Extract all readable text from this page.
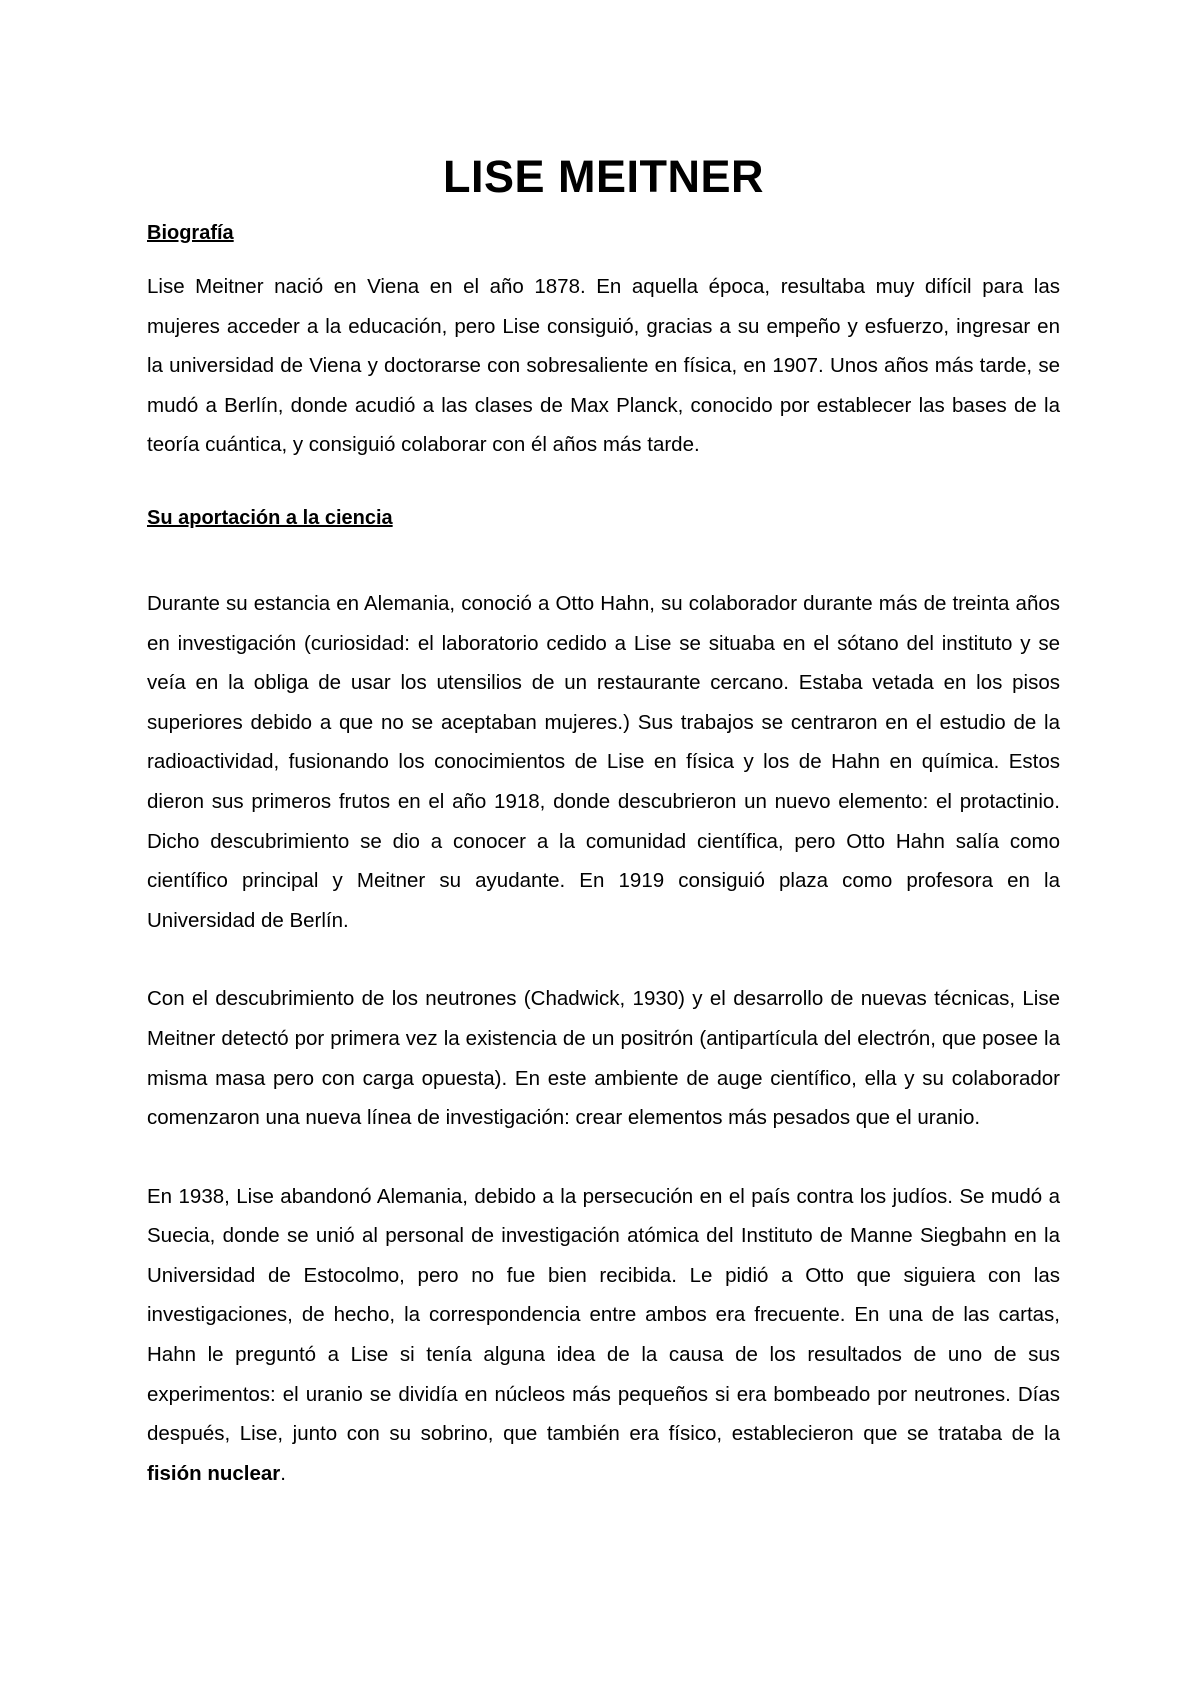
LISE MEITNER
Biografía

Lise Meitner nació en Viena en el año 1878. En aquella época, resultaba muy difícil para las mujeres acceder a la educación, pero Lise consiguió, gracias a su empeño y esfuerzo, ingresar en la universidad de Viena y doctorarse con sobresaliente en física, en 1907. Unos años más tarde, se mudó a Berlín, donde acudió a las clases de Max Planck, conocido por establecer las bases de la teoría cuántica, y consiguió colaborar con él años más tarde.

Su aportación a la ciencia

Durante su estancia en Alemania, conoció a Otto Hahn, su colaborador durante más de treinta años en investigación (curiosidad: el laboratorio cedido a Lise se situaba en el sótano del instituto y se veía en la obliga de usar los utensilios de un restaurante cercano. Estaba vetada en los pisos superiores debido a que no se aceptaban mujeres.) Sus trabajos se centraron en el estudio de la radioactividad, fusionando los conocimientos de Lise en física y los de Hahn en química. Estos dieron sus primeros frutos en el año 1918, donde descubrieron un nuevo elemento: el protactinio. Dicho descubrimiento se dio a conocer a la comunidad científica, pero Otto Hahn salía como científico principal y Meitner su ayudante. En 1919 consiguió plaza como profesora en la Universidad de Berlín.

Con el descubrimiento de los neutrones (Chadwick, 1930) y el desarrollo de nuevas técnicas, Lise Meitner detectó por primera vez la existencia de un positrón (antipartícula del electrón, que posee la misma masa pero con carga opuesta). En este ambiente de auge científico, ella y su colaborador comenzaron una nueva línea de investigación: crear elementos más pesados que el uranio.

En 1938, Lise abandonó Alemania, debido a la persecución en el país contra los judíos. Se mudó a Suecia, donde se unió al personal de investigación atómica del Instituto de Manne Siegbahn en la Universidad de Estocolmo, pero no fue bien recibida. Le pidió a Otto que siguiera con las investigaciones, de hecho, la correspondencia entre ambos era frecuente. En una de las cartas, Hahn le preguntó a Lise si tenía alguna idea de la causa de los resultados de uno de sus experimentos: el uranio se dividía en núcleos más pequeños si era bombeado por neutrones. Días después, Lise, junto con su sobrino, que también era físico, establecieron que se trataba de la fisión nuclear.
